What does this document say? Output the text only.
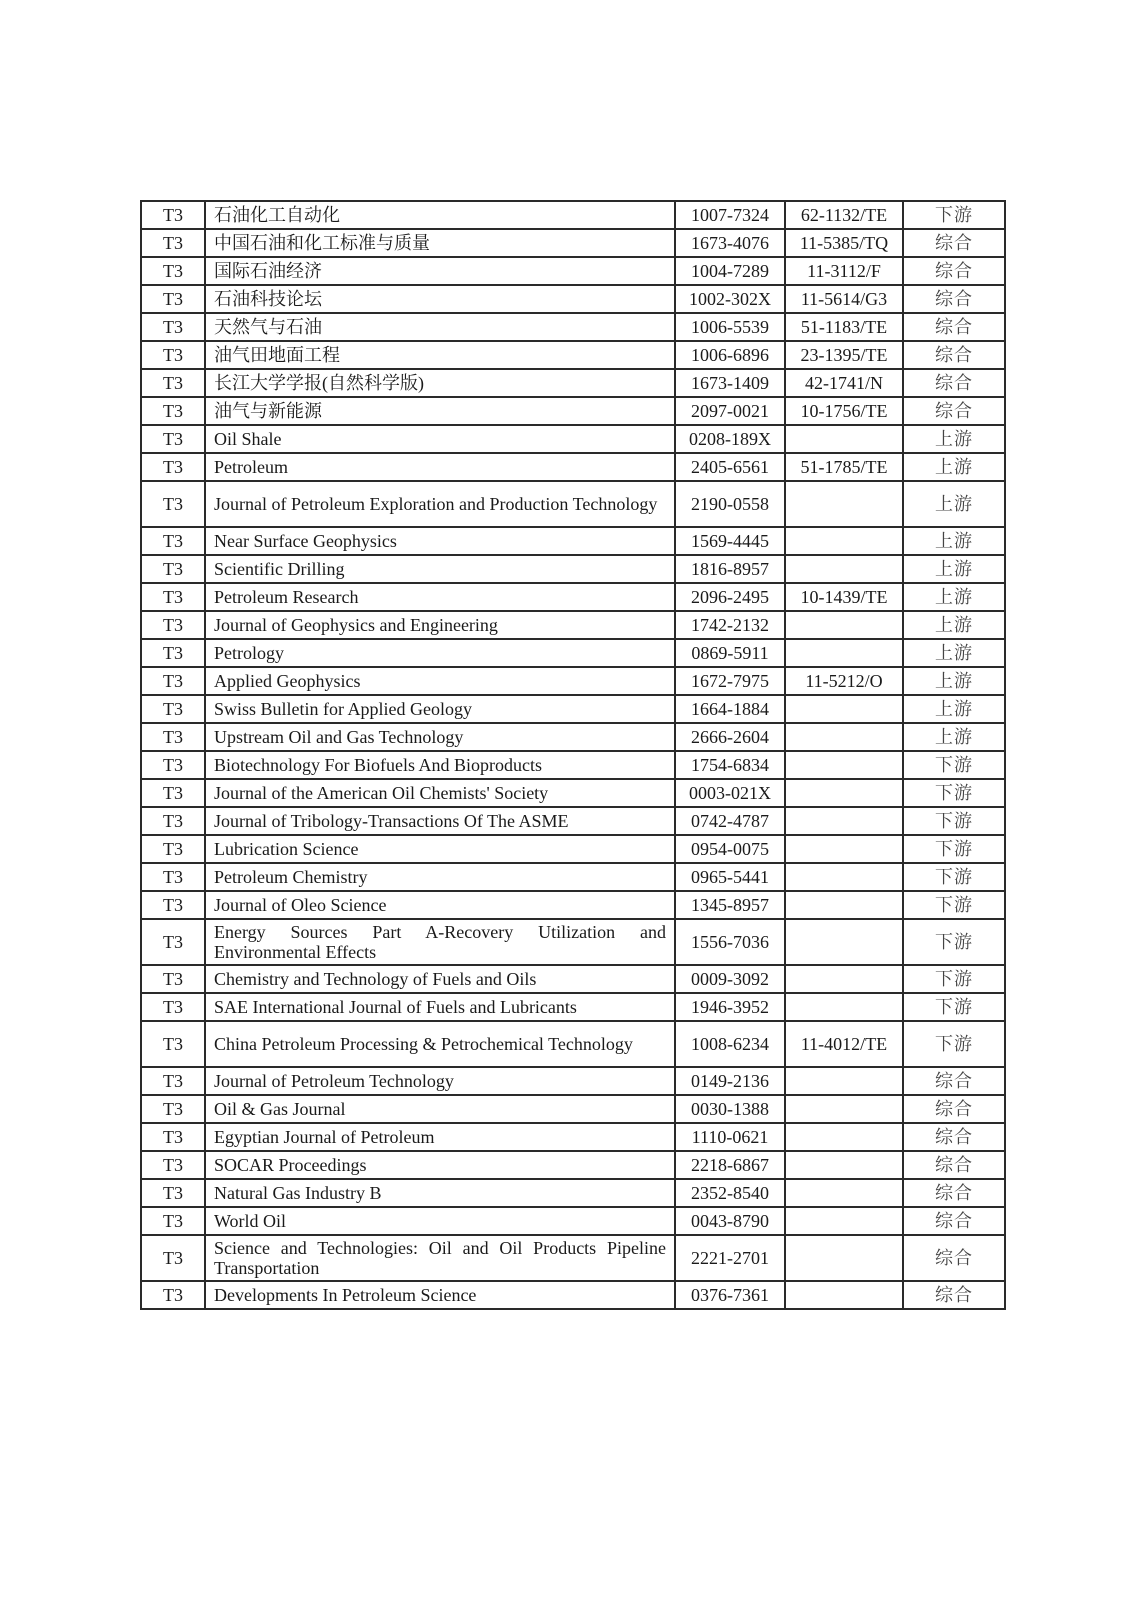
T3	石油化工自动化	1007-7324	62-1132/TE	下游
T3	中国石油和化工标准与质量	1673-4076	11-5385/TQ	综合
T3	国际石油经济	1004-7289	11-3112/F	综合
T3	石油科技论坛	1002-302X	11-5614/G3	综合
T3	天然气与石油	1006-5539	51-1183/TE	综合
T3	油气田地面工程	1006-6896	23-1395/TE	综合
T3	长江大学学报(自然科学版)	1673-1409	42-1741/N	综合
T3	油气与新能源	2097-0021	10-1756/TE	综合
T3	Oil Shale	0208-189X		上游
T3	Petroleum	2405-6561	51-1785/TE	上游
T3	Journal of Petroleum Exploration and Production Technology	2190-0558		上游
T3	Near Surface Geophysics	1569-4445		上游
T3	Scientific Drilling	1816-8957		上游
T3	Petroleum Research	2096-2495	10-1439/TE	上游
T3	Journal of Geophysics and Engineering	1742-2132		上游
T3	Petrology	0869-5911		上游
T3	Applied Geophysics	1672-7975	11-5212/O	上游
T3	Swiss Bulletin for Applied Geology	1664-1884		上游
T3	Upstream Oil and Gas Technology	2666-2604		上游
T3	Biotechnology For Biofuels And Bioproducts	1754-6834		下游
T3	Journal of the American Oil Chemists' Society	0003-021X		下游
T3	Journal of Tribology-Transactions Of The ASME	0742-4787		下游
T3	Lubrication Science	0954-0075		下游
T3	Petroleum Chemistry	0965-5441		下游
T3	Journal of Oleo Science	1345-8957		下游
T3	Energy Sources Part A-Recovery Utilization and Environmental Effects	1556-7036		下游
T3	Chemistry and Technology of Fuels and Oils	0009-3092		下游
T3	SAE International Journal of Fuels and Lubricants	1946-3952		下游
T3	China Petroleum Processing & Petrochemical Technology	1008-6234	11-4012/TE	下游
T3	Journal of Petroleum Technology	0149-2136		综合
T3	Oil & Gas Journal	0030-1388		综合
T3	Egyptian Journal of Petroleum	1110-0621		综合
T3	SOCAR Proceedings	2218-6867		综合
T3	Natural Gas Industry B	2352-8540		综合
T3	World Oil	0043-8790		综合
T3	Science and Technologies: Oil and Oil Products Pipeline Transportation	2221-2701		综合
T3	Developments In Petroleum Science	0376-7361		综合
